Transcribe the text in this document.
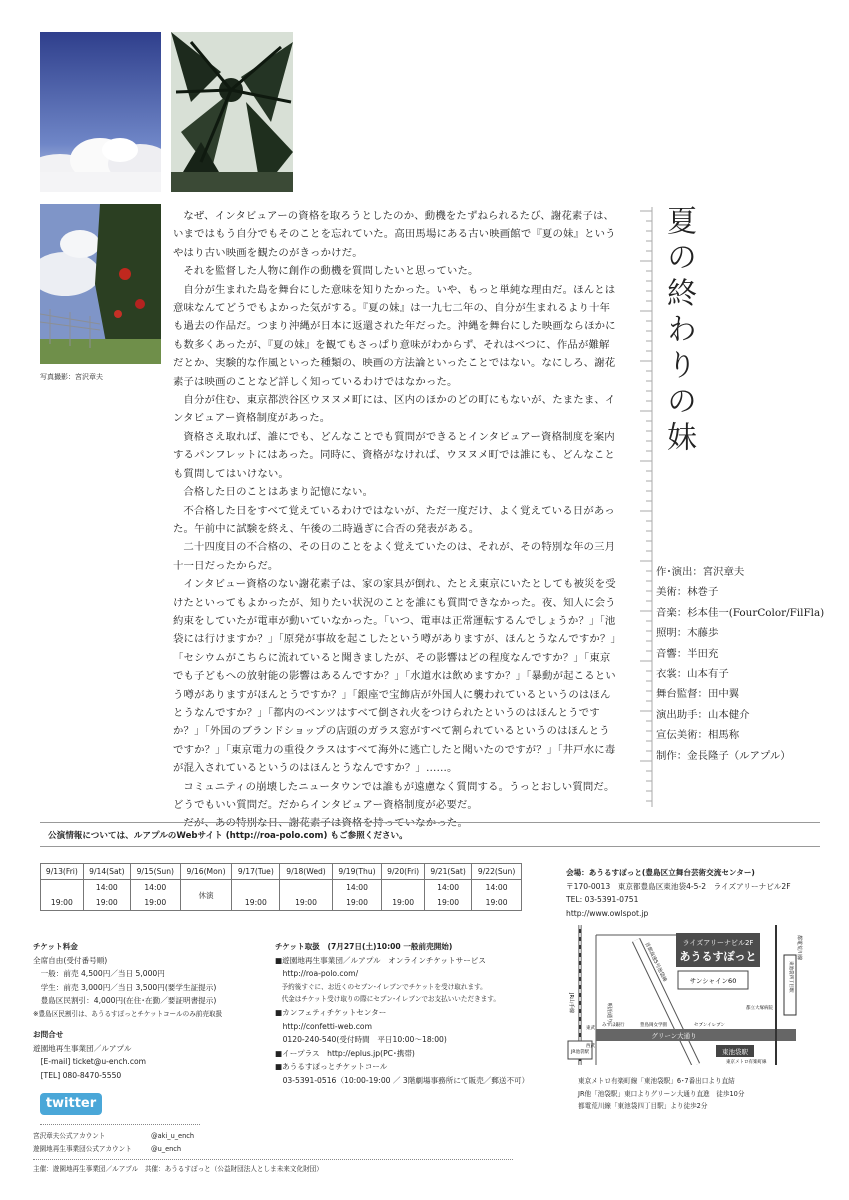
写真撮影：宮沢章夫

なぜ、インタビュアーの資格を取ろうとしたのか、動機をたずねられるたび、謝花素子は、いまではもう自分でもそのことを忘れていた。高田馬場にある古い映画館で『夏の妹』というやはり古い映画を観たのがきっかけだ。

それを監督した人物に創作の動機を質問したいと思っていた。

自分が生まれた島を舞台にした意味を知りたかった。いや、もっと単純な理由だ。ほんとは意味なんてどうでもよかった気がする。『夏の妹』は一九七二年の、自分が生まれるより十年も過去の作品だ。つまり沖縄が日本に返還された年だった。沖縄を舞台にした映画ならほかにも数多くあったが、『夏の妹』を観てもさっぱり意味がわからず、それはべつに、作品が難解だとか、実験的な作風といった種類の、映画の方法論といったことではない。なにしろ、謝花素子は映画のことなど詳しく知っているわけではなかった。

自分が住む、東京都渋谷区ウヌヌメ町には、区内のほかのどの町にもないが、たまたま、インタビュアー資格制度があった。

資格さえ取れば、誰にでも、どんなことでも質問ができるとインタビュアー資格制度を案内するパンフレットにはあった。同時に、資格がなければ、ウヌヌメ町では誰にも、どんなことも質問してはいけない。

合格した日のことはあまり記憶にない。

不合格した日をすべて覚えているわけではないが、ただ一度だけ、よく覚えている日があった。午前中に試験を終え、午後の二時過ぎに合否の発表がある。

二十四度目の不合格の、その日のことをよく覚えていたのは、それが、その特別な年の三月十一日だったからだ。

インタビュー資格のない謝花素子は、家の家具が倒れ、たとえ東京にいたとしても被災を受けたといってもよかったが、知りたい状況のことを誰にも質問できなかった。夜、知人に会う約束をしていたが電車が動いていなかった。「いつ、電車は正常運転するんでしょうか？」「池袋には行けますか？」「原発が事故を起こしたという噂がありますが、ほんとうなんですか？」「セシウムがこちらに流れていると聞きましたが、その影響はどの程度なんですか？」「東京でも子どもへの放射能の影響はあるんですか？」「水道水は飲めますか？」「暴動が起こるという噂がありますがほんとうですか？」「銀座で宝飾店が外国人に襲われているというのはほんとうなんですか？」「都内のベンツはすべて倒され火をつけられたというのはほんとうですか？」「外国のブランドショップの店頭のガラス窓がすべて割られているというのはほんとうですか？」「東京電力の重役クラスはすべて海外に逃亡したと聞いたのですが？」「井戸水に毒が混入されているというのはほんとうなんですか？」……。

コミュニティの崩壊したニュータウンでは誰もが遠慮なく質問する。うっとおしい質問だ。どうでもいい質問だ。だからインタビュアー資格制度が必要だ。

だが、あの特別な日、謝花素子は資格を持っていなかった。

夏の終わりの妹
作･演出：宮沢章夫
美術：林巻子
音楽：杉本佳一(FourColor/FilFla)
照明：木藤歩
音響：半田充
衣裳：山本有子
舞台監督：田中翼
演出助手：山本健介
宣伝美術：相馬称
制作：金長隆子（ルアプル）
公演情報については、ルアプルのWebサイト (http://roa-polo.com) もご参照ください。
9/13(Fri)	9/14(Sat)	9/15(Sun)	9/16(Mon)	9/17(Tue)	9/18(Wed)	9/19(Thu)	9/20(Fri)	9/21(Sat)	9/22(Sun)
	14:00	14:00	休演			14:00		14:00	14:00
19:00	19:00	19:00		19:00	19:00	19:00	19:00	19:00	19:00
会場：あうるすぽっと(豊島区立舞台芸術交流センター)
〒170-0013　東京都豊島区東池袋4-5-2　ライズアリーナビル2F
TEL: 03-5391-0751
http://www.owlspot.jp
ライズアリーナビル2F
あうるすぽっと
サンシャイン60
グリーン大通り
東池袋駅
JR池袋駅
JR山手線
明治通り
首都高速5号池袋線	都電荒川線
東池袋四丁目駅
東京メトロ有楽町線
東武
西武
みずほ銀行	豊島岡女学園	セブンイレブン
都立大塚病院
東京メトロ有楽町線「東池袋駅」6･7番出口より直結
JR他「池袋駅」東口よりグリーン大通り直進　徒歩10分
都電荒川線「東池袋四丁目駅」より徒歩2分
チケット料金
全席自由(受付番号順)
　一般：前売 4,500円／当日 5,000円
　学生：前売 3,000円／当日 3,500円(要学生証提示)
　豊島区民割引：4,000円(在住･在勤／要証明書提示)
※豊島区民割引は、あうるすぽっとチケットコールのみ前売取扱
お問合せ
遊園地再生事業団／ルアプル
　[E-mail] ticket@u-ench.com
　[TEL] 080-8470-5550
twitter
宮沢章夫公式アカウント	@aki_u_ench
遊園地再生事業団公式アカウント	@u_ench
チケット取扱　 (7月27日(土)10:00 一般前売開始)
■遊園地再生事業団／ルアプル　オンラインチケットサービス
　http://roa-polo.com/
　予約後すぐに、お近くのセブン-イレブンでチケットを受け取れます。
　代金はチケット受け取りの際にセブン-イレブンでお支払いいただきます。
■カンフェティチケットセンター
　http://confetti-web.com
　0120-240-540(受付時間　平日10:00〜18:00)
■イープラス　http://eplus.jp(PC･携帯)
■あうるすぽっとチケットコール
　03-5391-0516（10:00-19:00 ／ 3階劇場事務所にて販売／郵送不可）
主催：遊園地再生事業団／ルアプル　共催：あうるすぽっと（公益財団法人としま未来文化財団）
